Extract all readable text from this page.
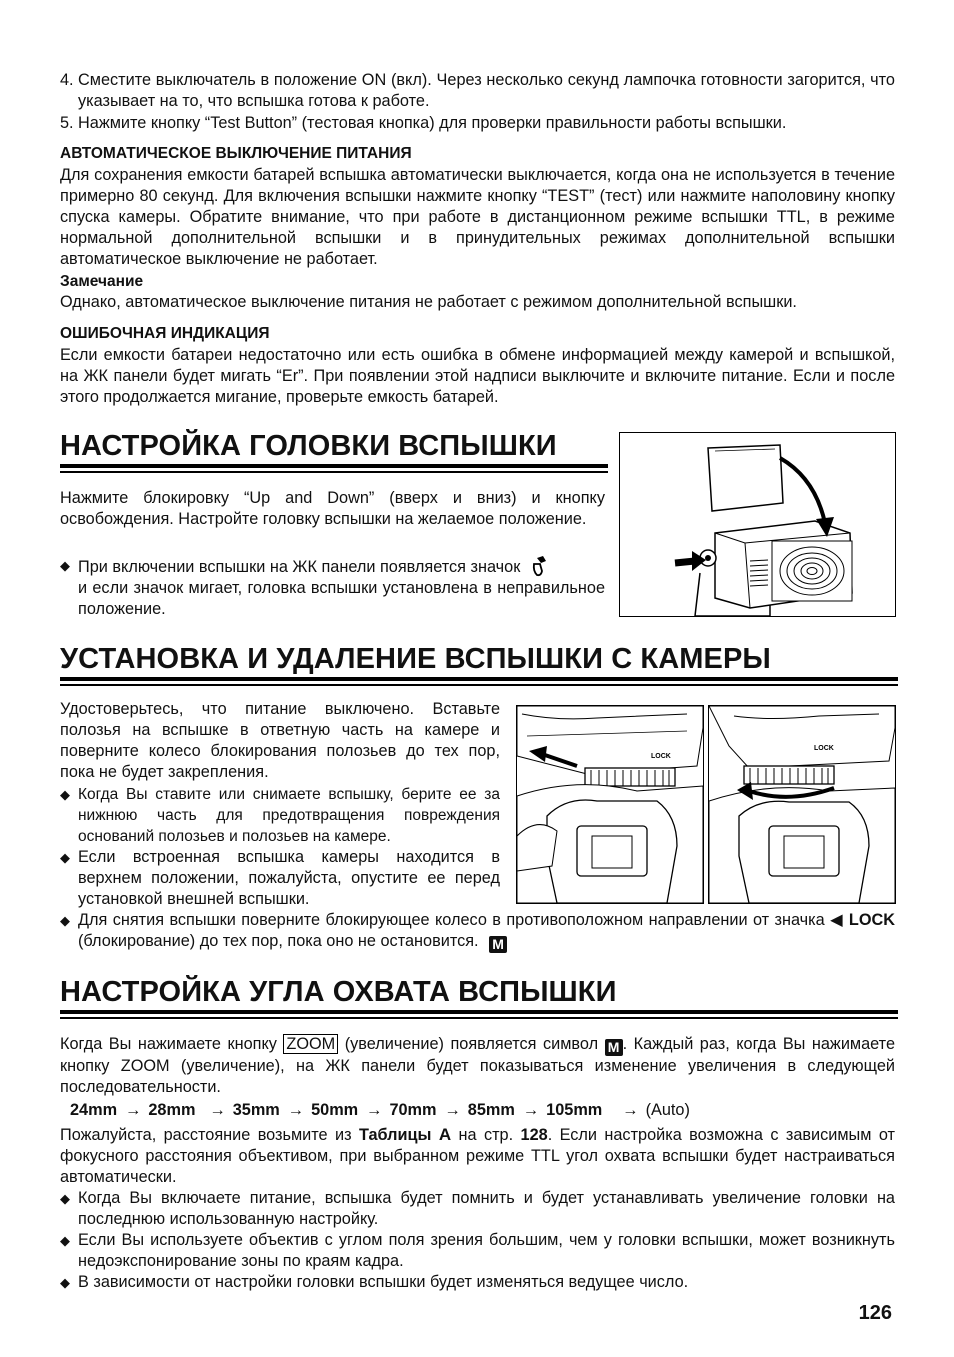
4. Сместите выключатель в положение ON (вкл). Через несколько секунд лампочка готовности загорится, что указывает на то, что вспышка готова к работе.
5. Нажмите кнопку “Test Button” (тестовая кнопка) для проверки правильности работы вспышки.
АВТОМАТИЧЕСКОЕ ВЫКЛЮЧЕНИЕ ПИТАНИЯ

Для сохранения емкости батарей вспышка автоматически выключается, когда она не используется в течение примерно 80 секунд. Для включения вспышки нажмите кнопку “TEST” (тест) или нажмите наполовину кнопку спуска камеры. Обратите внимание, что при работе в дистанционном режиме вспышки TTL, в режиме нормальной дополнительной вспышки и в принудительных режимах дополнительной вспышки автоматическое выключение не работает.

Замечание

Однако, автоматическое выключение питания не работает с режимом дополнительной вспышки.

ОШИБОЧНАЯ ИНДИКАЦИЯ

Если емкости батареи недостаточно или есть ошибка в обмене информацией между камерой и вспышкой, на ЖК панели будет мигать “Er”. При появлении этой надписи выключите и включите питание. Если и после этого продолжается мигание, проверьте емкость батарей.

НАСТРОЙКА ГОЛОВКИ ВСПЫШКИ

Нажмите блокировку “Up and Down” (вверх и вниз) и кнопку освобождения. Настройте головку вспышки на желаемое положение.

◆ При включении вспышки на ЖК панели появляется значок
и если значок мигает, головка вспышки установлена в неправильное положение.
УСТАНОВКА И УДАЛЕНИЕ ВСПЫШКИ С КАМЕРЫ

Удостоверьтесь, что питание выключено. Вставьте полозья на вспышке в ответную часть на камере и поверните колесо блокирования полозьев до тех пор, пока не будет закрепления.

◆ Когда Вы ставите или снимаете вспышку, берите ее за нижнюю часть для предотвращения повреждения оснований полозьев и полозьев на камере.
◆ Если встроенная вспышка камеры находится в верхнем положении, пожалуйста, опустите ее перед установкой внешней вспышки.
◆ Для снятия вспышки поверните блокирующее колесо в противоположном направлении от значка ◀ LOCK (блокирование) до тех пор, пока оно не остановится. M
LOCK
LOCK
НАСТРОЙКА УГЛА ОХВАТА ВСПЫШКИ

Когда Вы нажимаете кнопку ZOOM (увеличение) появляется символ M . Каждый раз, когда Вы нажимаете кнопку ZOOM (увеличение), на ЖК панели будет показываться изменение увеличения в следующей последовательности.

24mm → 28mm → 35mm → 50mm → 70mm → 85mm → 105mm → (Auto)

Пожалуйста, расстояние возьмите из Таблицы A на стр. 128. Если настройка возможна с зависимым от фокусного расстояния объективом, при выбранном режиме TTL угол охвата вспышки будет настраиваться автоматически.

◆ Когда Вы включаете питание, вспышка будет помнить и будет устанавливать увеличение головки на последнюю использованную настройку.
◆ Если Вы используете объектив с углом поля зрения большим, чем у головки вспышки, может возникнуть недоэкспонирование зоны по краям кадра.
◆ В зависимости от настройки головки вспышки будет изменяться ведущее число.
126
